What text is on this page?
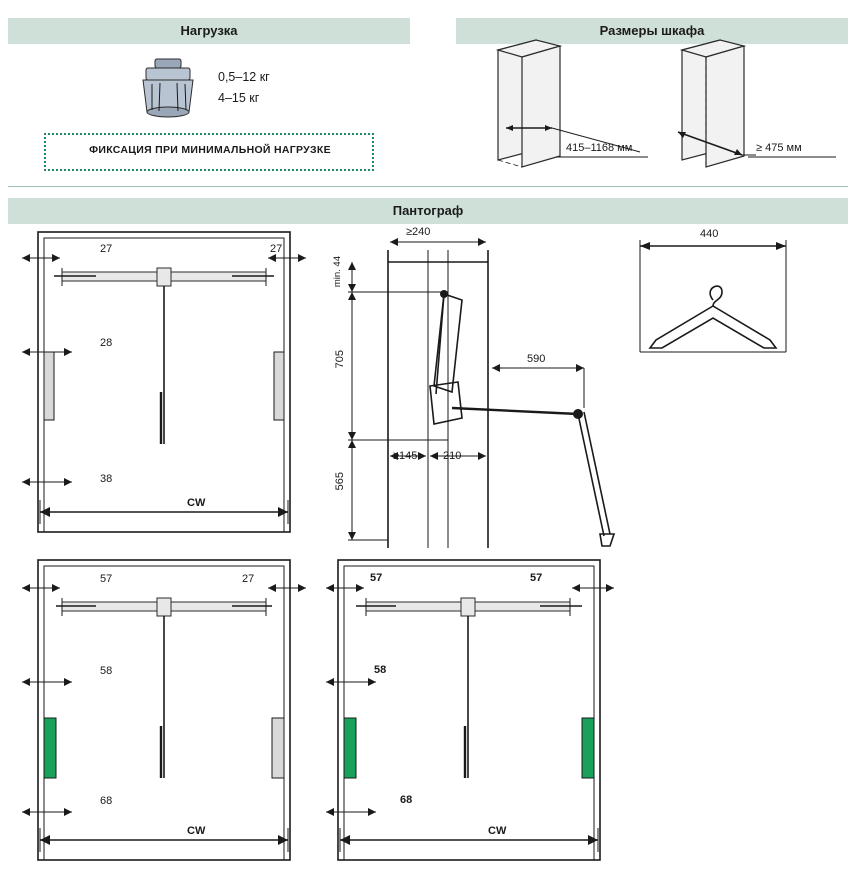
Нагрузка	Размеры шкафа
Пантограф
0,5–12 кг
4–15 кг
ФИКСАЦИЯ ПРИ МИНИМАЛЬНОЙ НАГРУЗКЕ	415–1168 мм	≥ 475 мм
27	27
28
38
CW
≥240
min. 44
705
565
590
≥145 210
440
57	27
58
68
CW
57	57
58
68
CW
